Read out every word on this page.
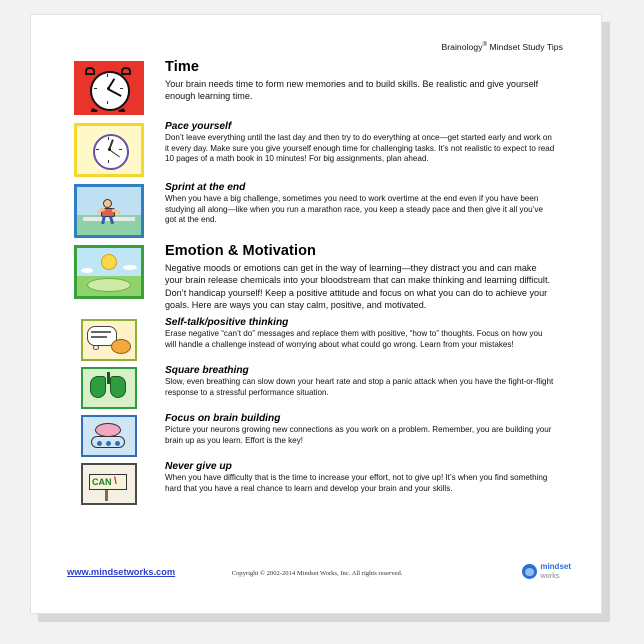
Brainology® Mindset Study Tips
Time

Your brain needs time to form new memories and to build skills. Be realistic and give yourself enough learning time.

Pace yourself

Don’t leave everything until the last day and then try to do everything at once—get started early and work on it every day. Make sure you give yourself enough time for challenging tasks. It’s not realistic to expect to read 10 pages of a math book in 10 minutes! For big assignments, plan ahead.

Sprint at the end

When you have a big challenge, sometimes you need to work overtime at the end even if you have been studying all along—like when you run a marathon race, you keep a steady pace and then give it all you’ve got at the end.

Emotion & Motivation

Negative moods or emotions can get in the way of learning—they distract you and can make your brain release chemicals into your bloodstream that can make thinking and learning difficult. Don’t handicap yourself! Keep a positive attitude and focus on what you can do to achieve your goals. Here are ways you can stay calm, positive, and motivated.

Self-talk/positive thinking

Erase negative “can’t do” messages and replace them with positive, “how to” thoughts. Focus on how you will handle a challenge instead of worrying about what could go wrong. Learn from your mistakes!

Square breathing

Slow, even breathing can slow down your heart rate and stop a panic attack when you have the fight-or-flight response to a stressful performance situation.

Focus on brain building

Picture your neurons growing new connections as you work on a problem. Remember, you are building your brain up as you learn. Effort is the key!

CAN \
Never give up

When you have difficulty that is the time to increase your effort, not to give up! It’s when you find something hard that you have a real chance to learn and develop your brain and your skills.

www.mindsetworks.com	Copyright © 2002-2014 Mindset Works, Inc. All rights reserved.
mindset
works
